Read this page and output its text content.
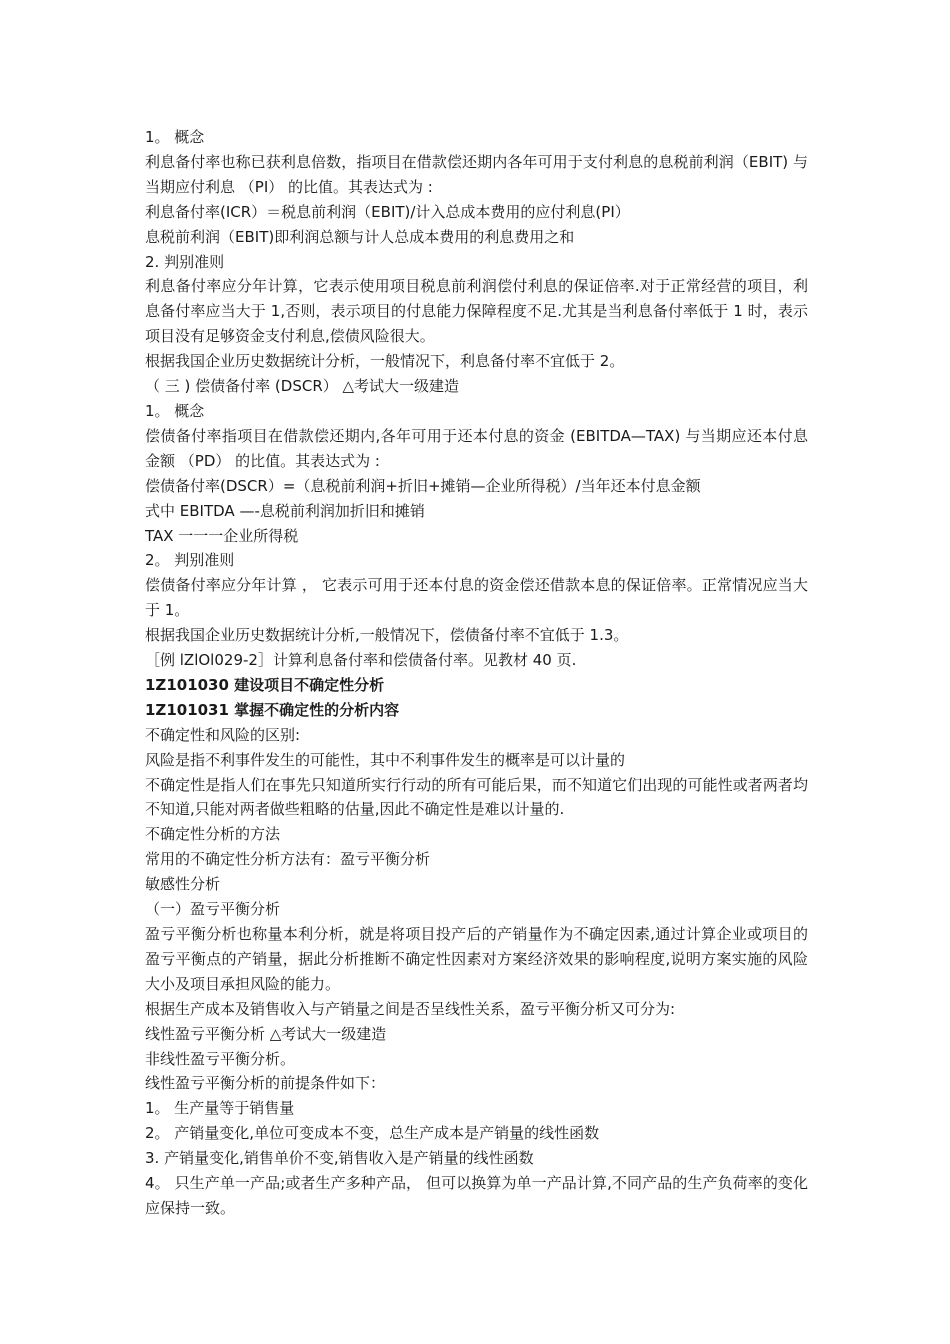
1。 概念
利息备付率也称已获利息倍数，指项目在借款偿还期内各年可用于支付利息的息税前利润（EBIT) 与当期应付利息 （PI） 的比值。其表达式为 :
利息备付率(ICR）＝税息前利润（EBIT)/计入总成本费用的应付利息(PI）
息税前利润（EBIT)即利润总额与计人总成本费用的利息费用之和
2. 判别准则
利息备付率应分年计算，它表示使用项目税息前利润偿付利息的保证倍率.对于正常经营的项目，利息备付率应当大于 1,否则，表示项目的付息能力保障程度不足.尤其是当利息备付率低于 1 时，表示项目没有足够资金支付利息,偿债风险很大。
根据我国企业历史数据统计分析，一般情况下，利息备付率不宜低于 2。
（ 三 ) 偿债备付率 (DSCR） △考试大一级建造
1。 概念
偿债备付率指项目在借款偿还期内,各年可用于还本付息的资金 (EBITDA—TAX) 与当期应还本付息金额 （PD） 的比值。其表达式为 :
偿债备付率(DSCR）=（息税前利润+折旧+摊销—企业所得税）/当年还本付息金额
式中 EBITDA —-息税前利润加折旧和摊销
TAX 一一一企业所得税
2。 判别准则
偿债备付率应分年计算 ， 它表示可用于还本付息的资金偿还借款本息的保证倍率。正常情况应当大于 1。
根据我国企业历史数据统计分析,一般情况下，偿债备付率不宜低于 1.3。
［例 lZlOl029-2］计算利息备付率和偿债备付率。见教材 40 页.
1Z101030 建设项目不确定性分析
1Z101031 掌握不确定性的分析内容
不确定性和风险的区别:
风险是指不利事件发生的可能性，其中不利事件发生的概率是可以计量的
不确定性是指人们在事先只知道所实行行动的所有可能后果，而不知道它们出现的可能性或者两者均不知道,只能对两者做些粗略的估量,因此不确定性是难以计量的.
不确定性分析的方法
常用的不确定性分析方法有：盈亏平衡分析
敏感性分析
（一）盈亏平衡分析
盈亏平衡分析也称量本利分析，就是将项目投产后的产销量作为不确定因素,通过计算企业或项目的盈亏平衡点的产销量，据此分析推断不确定性因素对方案经济效果的影响程度,说明方案实施的风险大小及项目承担风险的能力。
根据生产成本及销售收入与产销量之间是否呈线性关系，盈亏平衡分析又可分为:
线性盈亏平衡分析 △考试大一级建造
非线性盈亏平衡分析。
线性盈亏平衡分析的前提条件如下：
1。 生产量等于销售量
2。 产销量变化,单位可变成本不变，总生产成本是产销量的线性函数
3. 产销量变化,销售单价不变,销售收入是产销量的线性函数
4。 只生产单一产品;或者生产多种产品， 但可以换算为单一产品计算,不同产品的生产负荷率的变化应保持一致。
